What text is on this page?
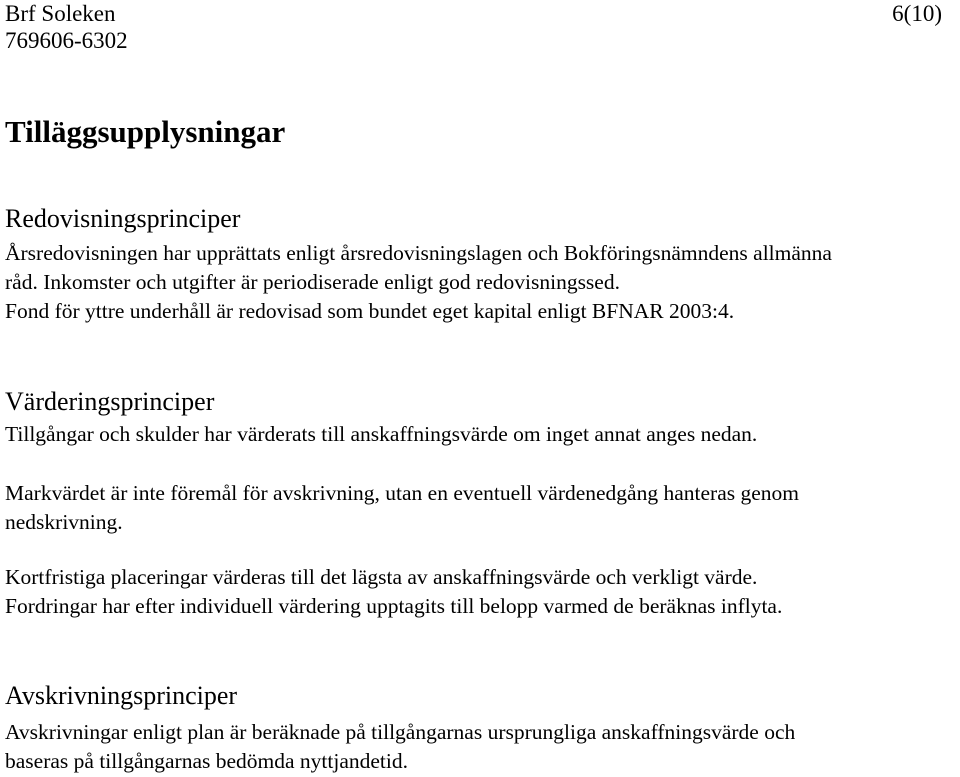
Brf Soleken
769606-6302
6(10)
Tilläggsupplysningar
Redovisningsprinciper

Årsredovisningen har upprättats enligt årsredovisningslagen och Bokföringsnämndens allmänna
råd. Inkomster och utgifter är periodiserade enligt god redovisningssed.
Fond för yttre underhåll är redovisad som bundet eget kapital enligt BFNAR 2003:4.

Värderingsprinciper

Tillgångar och skulder har värderats till anskaffningsvärde om inget annat anges nedan.

Markvärdet är inte föremål för avskrivning, utan en eventuell värdenedgång hanteras genom
nedskrivning.

Kortfristiga placeringar värderas till det lägsta av anskaffningsvärde och verkligt värde.
Fordringar har efter individuell värdering upptagits till belopp varmed de beräknas inflyta.

Avskrivningsprinciper

Avskrivningar enligt plan är beräknade på tillgångarnas ursprungliga anskaffningsvärde och
baseras på tillgångarnas bedömda nyttjandetid.
